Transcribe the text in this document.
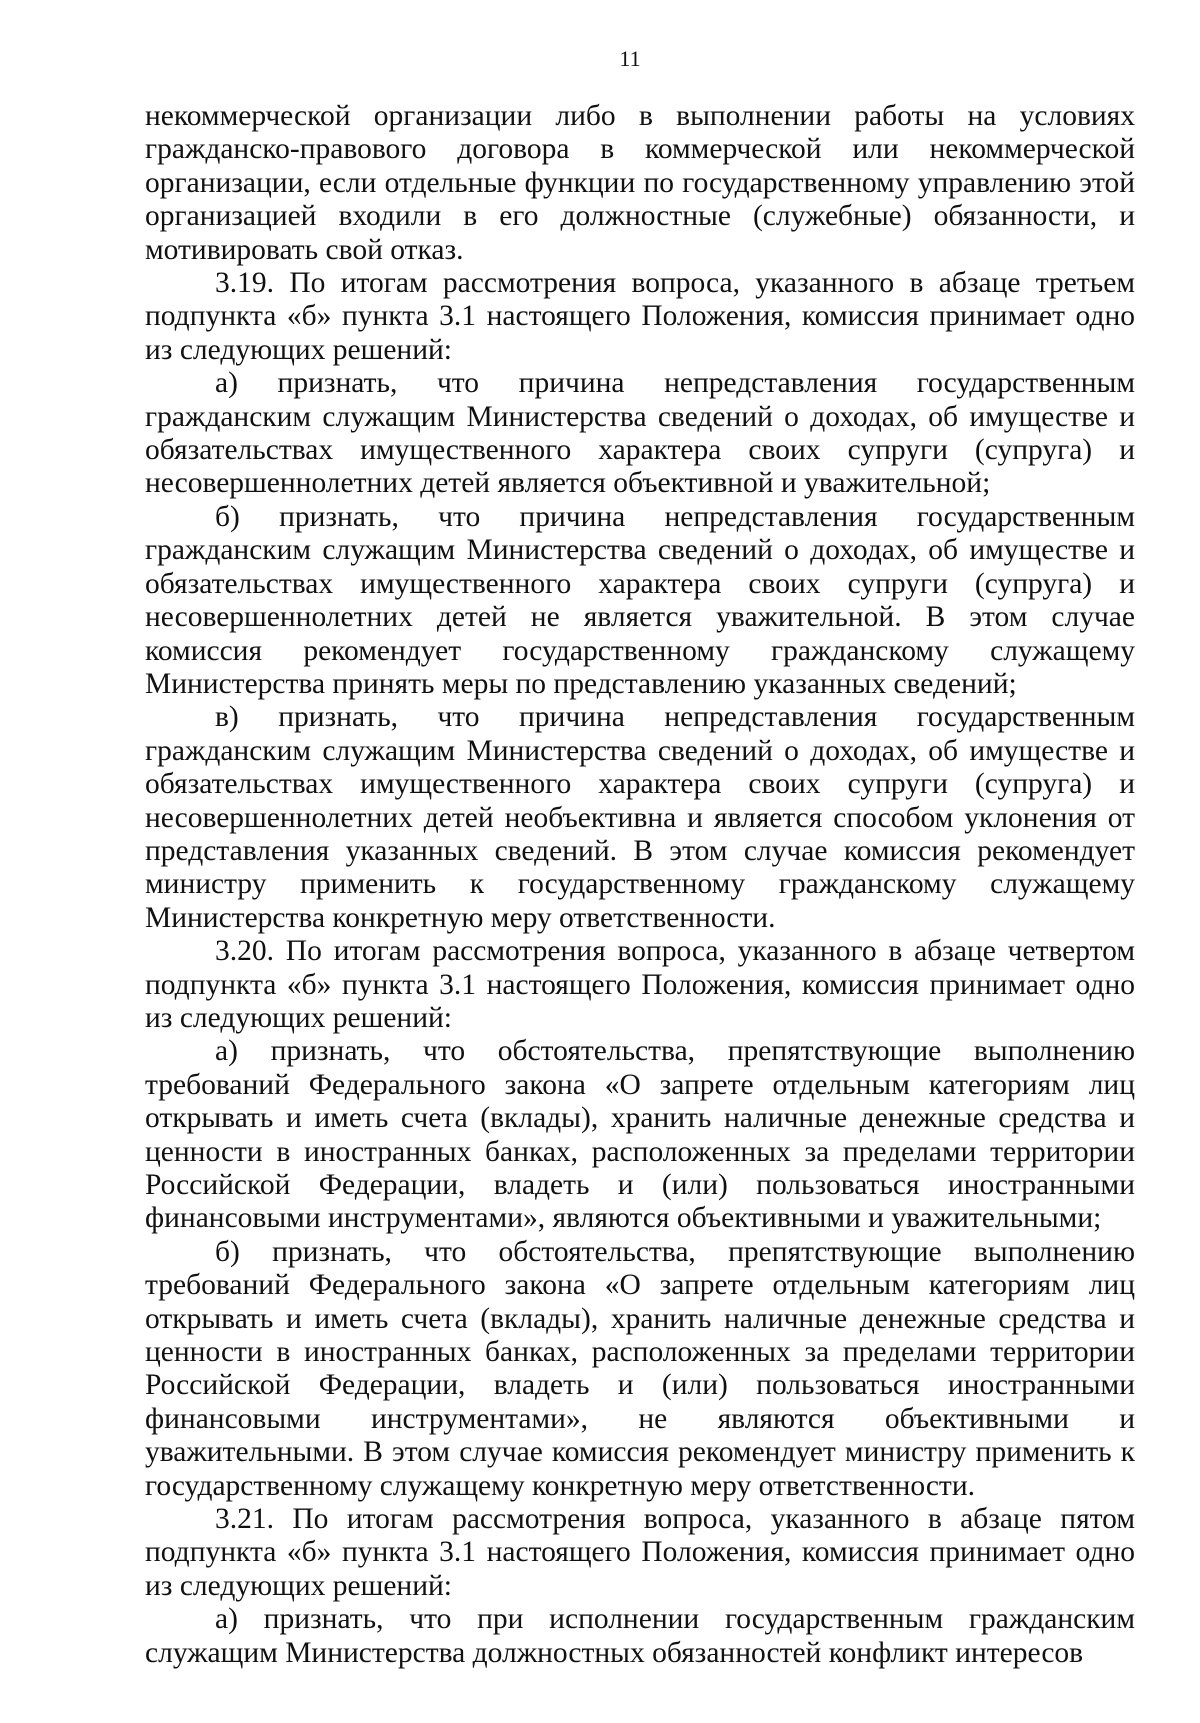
11

некоммерческой организации либо в выполнении работы на условиях гражданско-правового договора в коммерческой или некоммерческой организации, если отдельные функции по государственному управлению этой организацией входили в его должностные (служебные) обязанности, и мотивировать свой отказ.

3.19. По итогам рассмотрения вопроса, указанного в абзаце третьем подпункта «б» пункта 3.1 настоящего Положения, комиссия принимает одно из следующих решений:

а) признать, что причина непредставления государственным гражданским служащим Министерства сведений о доходах, об имуществе и обязательствах имущественного характера своих супруги (супруга) и несовершеннолетних детей является объективной и уважительной;

б) признать, что причина непредставления государственным гражданским служащим Министерства сведений о доходах, об имуществе и обязательствах имущественного характера своих супруги (супруга) и несовершеннолетних детей не является уважительной. В этом случае комиссия рекомендует государственному гражданскому служащему Министерства принять меры по представлению указанных сведений;

в) признать, что причина непредставления государственным гражданским служащим Министерства сведений о доходах, об имуществе и обязательствах имущественного характера своих супруги (супруга) и несовершеннолетних детей необъективна и является способом уклонения от представления указанных сведений. В этом случае комиссия рекомендует министру применить к государственному гражданскому служащему Министерства конкретную меру ответственности.

3.20. По итогам рассмотрения вопроса, указанного в абзаце четвертом подпункта «б» пункта 3.1 настоящего Положения, комиссия принимает одно из следующих решений:

а) признать, что обстоятельства, препятствующие выполнению требований Федерального закона «О запрете отдельным категориям лиц открывать и иметь счета (вклады), хранить наличные денежные средства и ценности в иностранных банках, расположенных за пределами территории Российской Федерации, владеть и (или) пользоваться иностранными финансовыми инструментами», являются объективными и уважительными;

б) признать, что обстоятельства, препятствующие выполнению требований Федерального закона «О запрете отдельным категориям лиц открывать и иметь счета (вклады), хранить наличные денежные средства и ценности в иностранных банках, расположенных за пределами территории Российской Федерации, владеть и (или) пользоваться иностранными финансовыми инструментами», не являются объективными и уважительными. В этом случае комиссия рекомендует министру применить к государственному служащему конкретную меру ответственности.

3.21. По итогам рассмотрения вопроса, указанного в абзаце пятом подпункта «б» пункта 3.1 настоящего Положения, комиссия принимает одно из следующих решений:

а) признать, что при исполнении государственным гражданским служащим Министерства должностных обязанностей конфликт интересов
